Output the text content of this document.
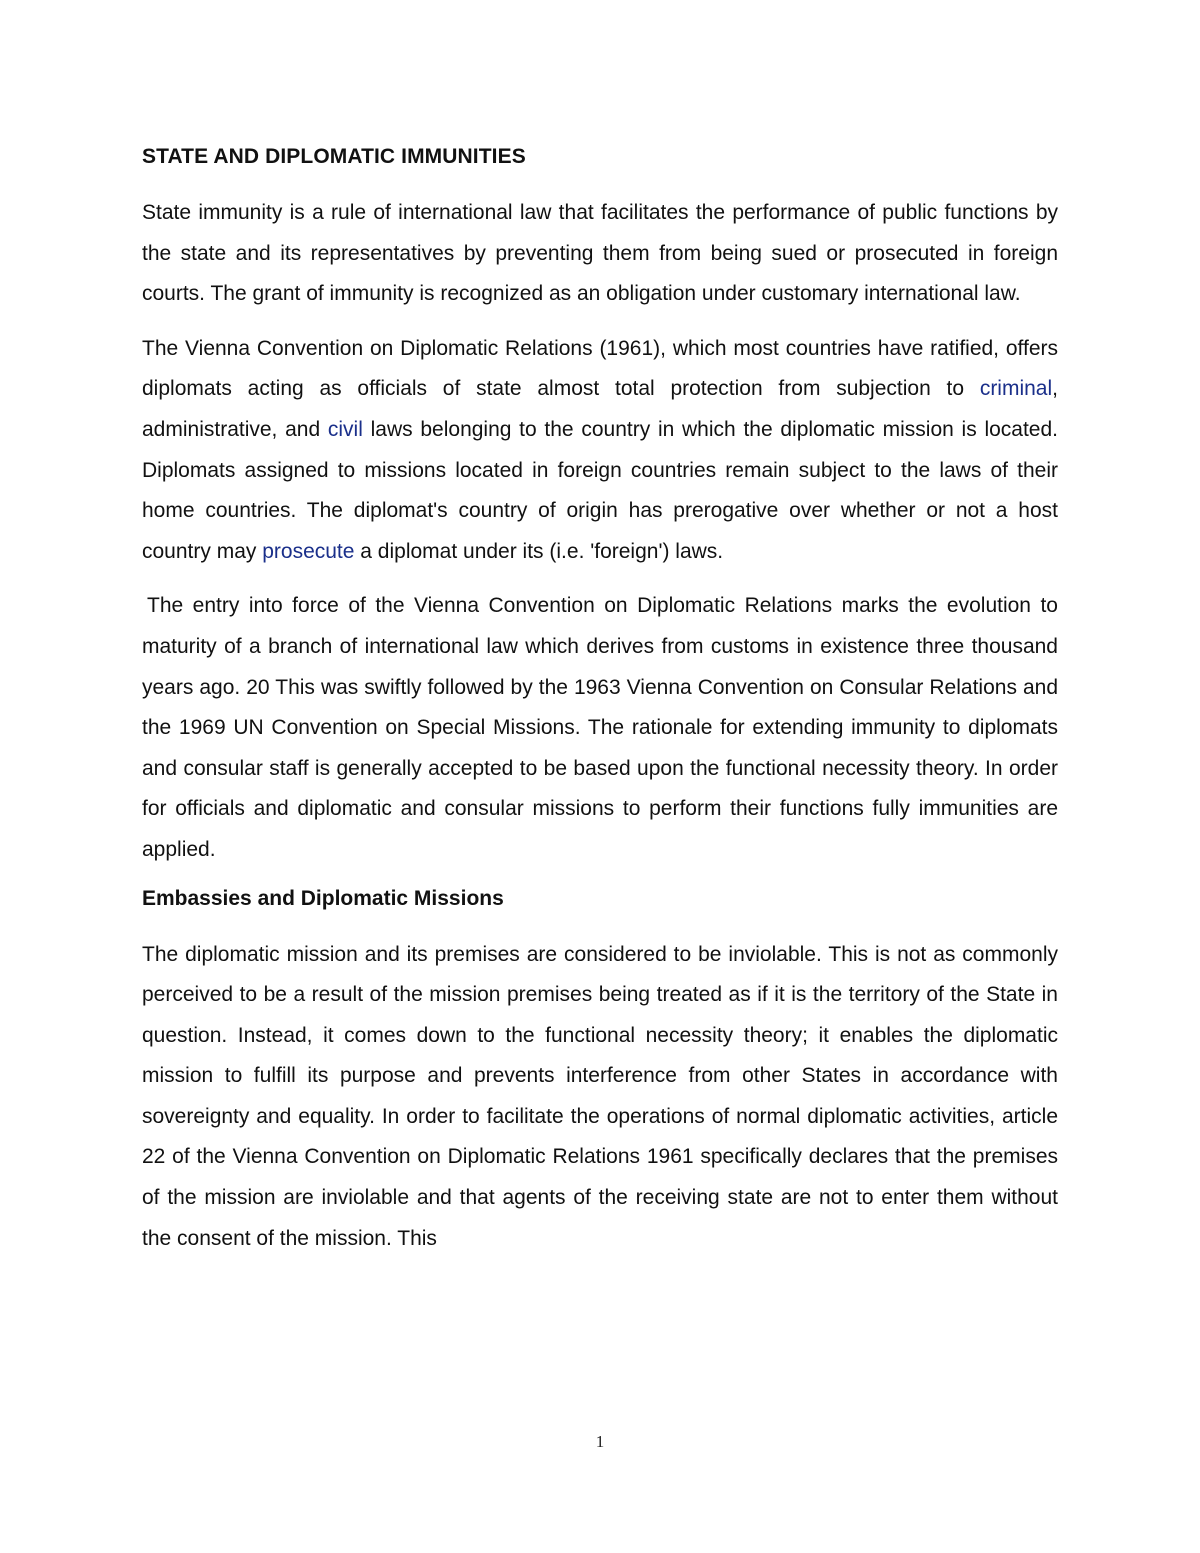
STATE AND DIPLOMATIC IMMUNITIES

State immunity is a rule of international law that facilitates the performance of public functions by the state and its representatives by preventing them from being sued or prosecuted in foreign courts. The grant of immunity is recognized as an obligation under customary international law.

The Vienna Convention on Diplomatic Relations (1961), which most countries have ratified, offers diplomats acting as officials of state almost total protection from subjection to criminal, administrative, and civil laws belonging to the country in which the diplomatic mission is located. Diplomats assigned to missions located in foreign countries remain subject to the laws of their home countries. The diplomat's country of origin has prerogative over whether or not a host country may prosecute a diplomat under its (i.e. 'foreign') laws.

The entry into force of the Vienna Convention on Diplomatic Relations marks the evolution to maturity of a branch of international law which derives from customs in existence three thousand years ago. 20 This was swiftly followed by the 1963 Vienna Convention on Consular Relations and the 1969 UN Convention on Special Missions. The rationale for extending immunity to diplomats and consular staff is generally accepted to be based upon the functional necessity theory. In order for officials and diplomatic and consular missions to perform their functions fully immunities are applied.

Embassies and Diplomatic Missions

The diplomatic mission and its premises are considered to be inviolable. This is not as commonly perceived to be a result of the mission premises being treated as if it is the territory of the State in question. Instead, it comes down to the functional necessity theory; it enables the diplomatic mission to fulfill its purpose and prevents interference from other States in accordance with sovereignty and equality. In order to facilitate the operations of normal diplomatic activities, article 22 of the Vienna Convention on Diplomatic Relations 1961 specifically declares that the premises of the mission are inviolable and that agents of the receiving state are not to enter them without the consent of the mission. This

1
